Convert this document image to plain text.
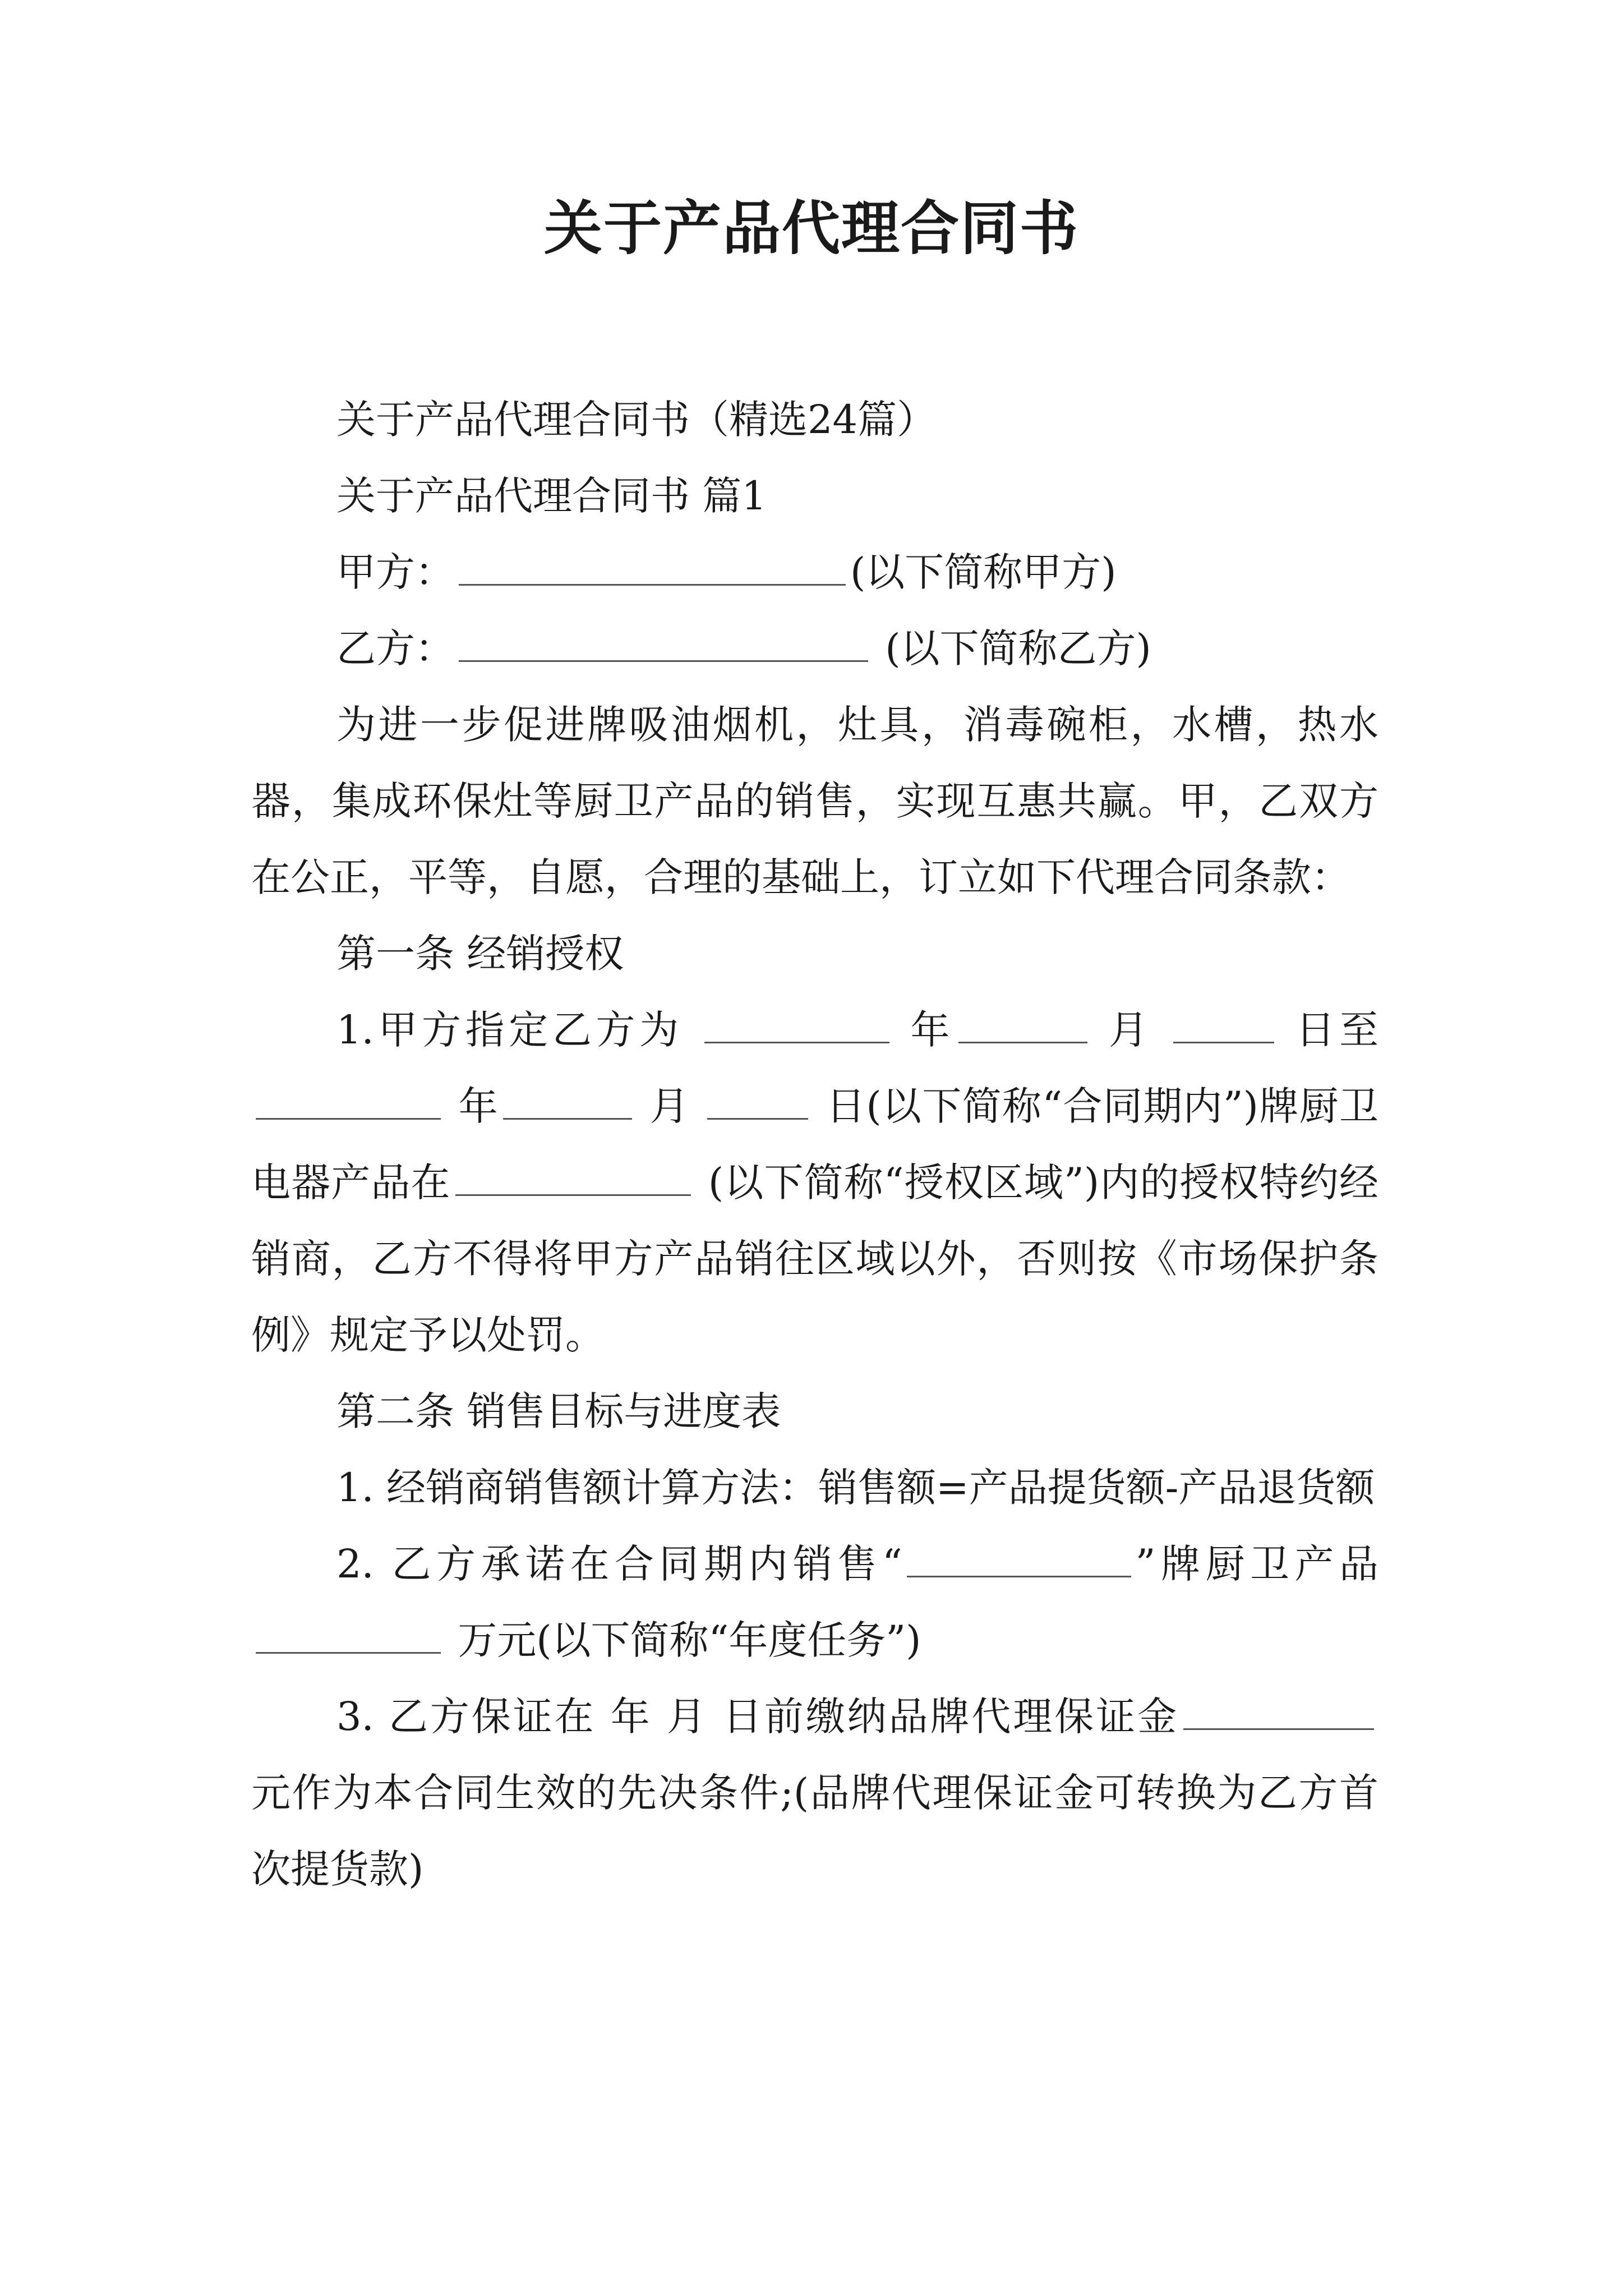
关于产品代理合同书

关于产品代理合同书（精选24篇）

关于产品代理合同书 篇1

甲方：	(以下简称甲方)

乙方：	(以下简称乙方)

为进一步促进牌吸油烟机，灶具，消毒碗柜，水槽，热水器，集成环保灶等厨卫产品的销售，实现互惠共赢。甲，乙双方在公正，平等，自愿，合理的基础上，订立如下代理合同条款：

第一条 经销授权

1.甲方指定乙方为	年	月	日至 年	月	日(以下简称“合同期内”)牌厨卫电器产品在	(以下简称“授权区域”)内的授权特约经销商，乙方不得将甲方产品销往区域以外，否则按《市场保护条例》规定予以处罚。

第二条 销售目标与进度表

1. 经销商销售额计算方法：销售额=产品提货额-产品退货额

2. 乙方承诺在合同期内销售“	”牌厨卫产品  万元(以下简称“年度任务”)

3. 乙方保证在 年 月 日前缴纳品牌代理保证金 元作为本合同生效的先决条件;(品牌代理保证金可转换为乙方首次提货款)
